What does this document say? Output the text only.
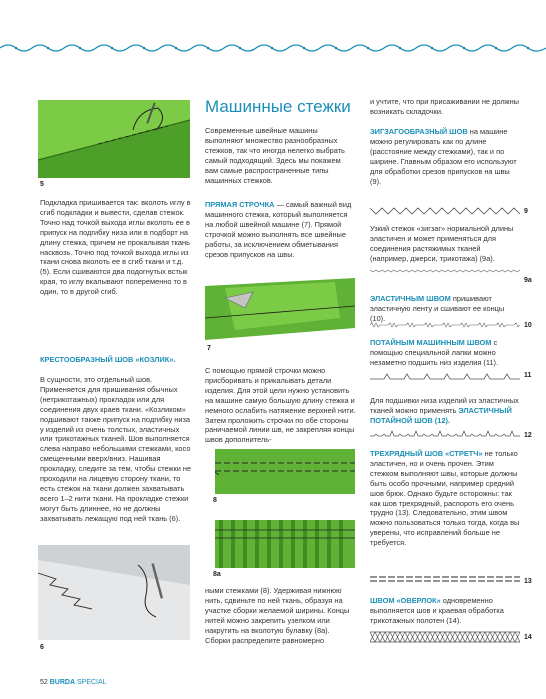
5
Подкладка пришивается так: вколоть иглу в сгиб подкладки и вывести, сделав стежок. Точно над точкой выхода иглы вколоть ее в припуск на подгибку низа или в подборт на длину стежка, причем не прокалывая ткань насквозь. Точно под точкой выхода иглы из ткани снова вколоть ее в сгиб ткани и т.д. (5). Если сшиваются два подогнутых встык края, то иглу вкалывают попеременно то в один, то в другой сгиб.
КРЕСТООБРАЗНЫЙ ШОВ «КОЗЛИК».
В сущности, это отдельный шов. Применяется для пришивания обычных (нетрикотажных) прокладок или для соединения двух краев ткани. «Козликом» подшивают также припуск на подгибку низа у изделий из очень толстых, эластичных или трикотажных тканей. Шов выполняется слева направо небольшими стежками, косо смещенными вверх/вниз. Нашивая прокладку, следите за тем, чтобы стежки не проходили на лицевую сторону ткани, то есть стежок на ткани должен захватывать всего 1–2 нити ткани. На прокладке стежки могут быть длиннее, но не должны захватывать лежащую под ней ткань (6).
6
Машинные стежки
Современные швейные машины выполняют множество разнообразных стежков, так что иногда нелегко выбрать самый подходящий. Здесь мы покажем вам самые распространенные типы машинных стежков.
ПРЯМАЯ СТРОЧКА — самый важный вид машинного стежка, который выполняется на любой швейной машине (7). Прямой строчкой можно выполнять все швейные работы, за исключением обметывания срезов припусков на швы.
7
С помощью прямой строчки можно присборивать и прикалывать детали изделия. Для этой цели нужно установить на машине самую большую длину стежка и немного ослабить натяжение верхней нити. Затем проложить строчки по обе стороны раничаемой линии шв, не закрепляя концы швов дополнитель-
8
8a
ными стежками (8). Удерживая нижнюю нить, сдвиньте по ней ткань, образуя на участке сборки желаемой ширины. Концы нитей можно закрепить узелком или накрутить на вколотую булавку (8а). Сборки распределите равномерно
и учтите, что при присаживании не должны возникать складочки.
ЗИГЗАГООБРАЗНЫЙ ШОВ на машине можно регулировать как по длине (расстояние между стежками), так и по ширине. Главным образом его используют для обработки срезов припусков на швы (9).
9
Узкий стежок «зигзаг» нормальной длины эластичен и может применяться для соединения растяжимых тканей (например, джерси, трикотажа) (9а).
9a
ЭЛАСТИЧНЫМ ШВОМ пришивают эластичную ленту и сшивают ее концы (10).
10
ПОТАЙНЫМ МАШИННЫМ ШВОМ с помощью специальной лапки можно незаметно подшить низ изделия (11).
11
Для подшивки низа изделий из эластичных тканей можно применять ЭЛАСТИЧНЫЙ ПОТАЙНОЙ ШОВ (12).
12
ТРЕХРЯДНЫЙ ШОВ «СТРЕТЧ» не только эластичен, но и очень прочен. Этим стежком выполняют швы, которые должны быть особо прочными, например средний шов брюк. Однако будьте осторожны: так как шов трехрядный, распороть его очень трудно (13). Следовательно, этим швом можно пользоваться только тогда, когда вы уверены, что исправлений больше не требуется.
13
ШВОМ «ОВЕРЛОК» одновременно выполняется шов и краевая обработка трикотажных полотен (14).
14
52 BURDA SPECIAL
